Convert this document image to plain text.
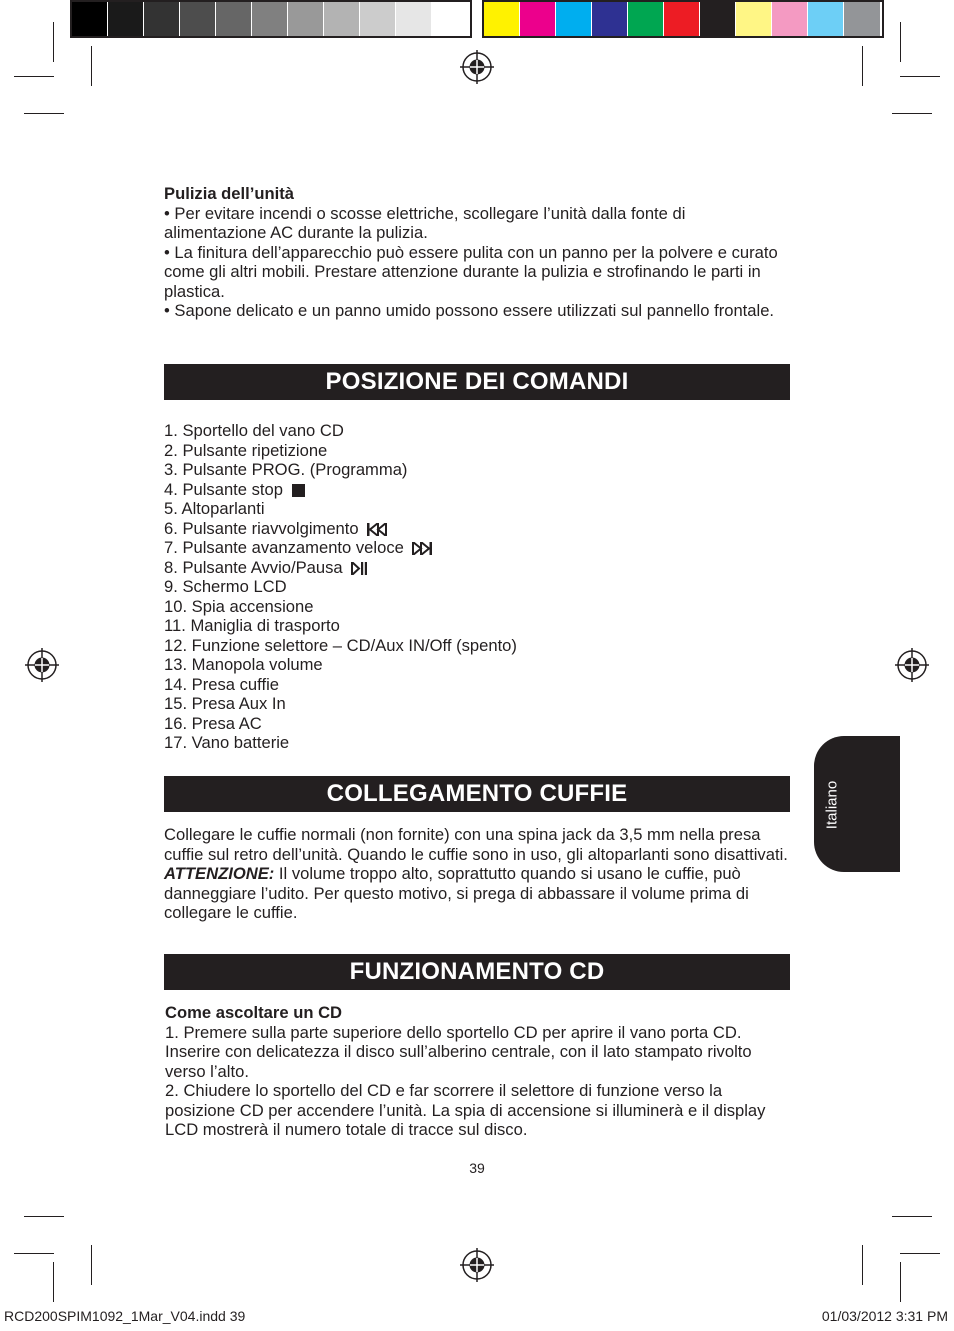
Pulizia dell’unità

• Per evitare incendi o scosse elettriche, scollegare l’unità dalla fonte di alimentazione AC durante la pulizia.

• La finitura dell’apparecchio può essere pulita con un panno per la polvere e curato come gli altri mobili. Prestare attenzione durante la pulizia e strofinando le parti in plastica.

• Sapone delicato e un panno umido possono essere utilizzati sul pannello frontale.

POSIZIONE DEI COMANDI
1. Sportello del vano CD
2. Pulsante ripetizione
3. Pulsante PROG. (Programma)
4. Pulsante stop
5. Altoparlanti
6. Pulsante riavvolgimento
7. Pulsante avanzamento veloce
8. Pulsante Avvio/Pausa
9. Schermo LCD
10. Spia accensione
11. Maniglia di trasporto
12. Funzione selettore – CD/Aux IN/Off (spento)
13. Manopola volume
14. Presa cuffie
15. Presa Aux In
16. Presa AC
17. Vano batterie
COLLEGAMENTO CUFFIE

Collegare le cuffie normali (non fornite) con una spina jack da 3,5 mm nella presa cuffie sul retro dell’unità. Quando le cuffie sono in uso, gli altoparlanti sono disattivati.

ATTENZIONE: Il volume troppo alto, soprattutto quando si usano le cuffie, può danneggiare l’udito. Per questo motivo, si prega di abbassare il volume prima di collegare le cuffie.

FUNZIONAMENTO CD

Come ascoltare un CD

1. Premere sulla parte superiore dello sportello CD per aprire il vano porta CD. Inserire con delicatezza il disco sull’alberino centrale, con il lato stampato rivolto verso l’alto.

2. Chiudere lo sportello del CD e far scorrere il selettore di funzione verso la posizione CD per accendere l’unità. La spia di accensione si illuminerà e il display LCD mostrerà il numero totale di tracce sul disco.

39
Italiano
RCD200SPIM1092_1Mar_V04.indd 39	01/03/2012 3:31 PM
